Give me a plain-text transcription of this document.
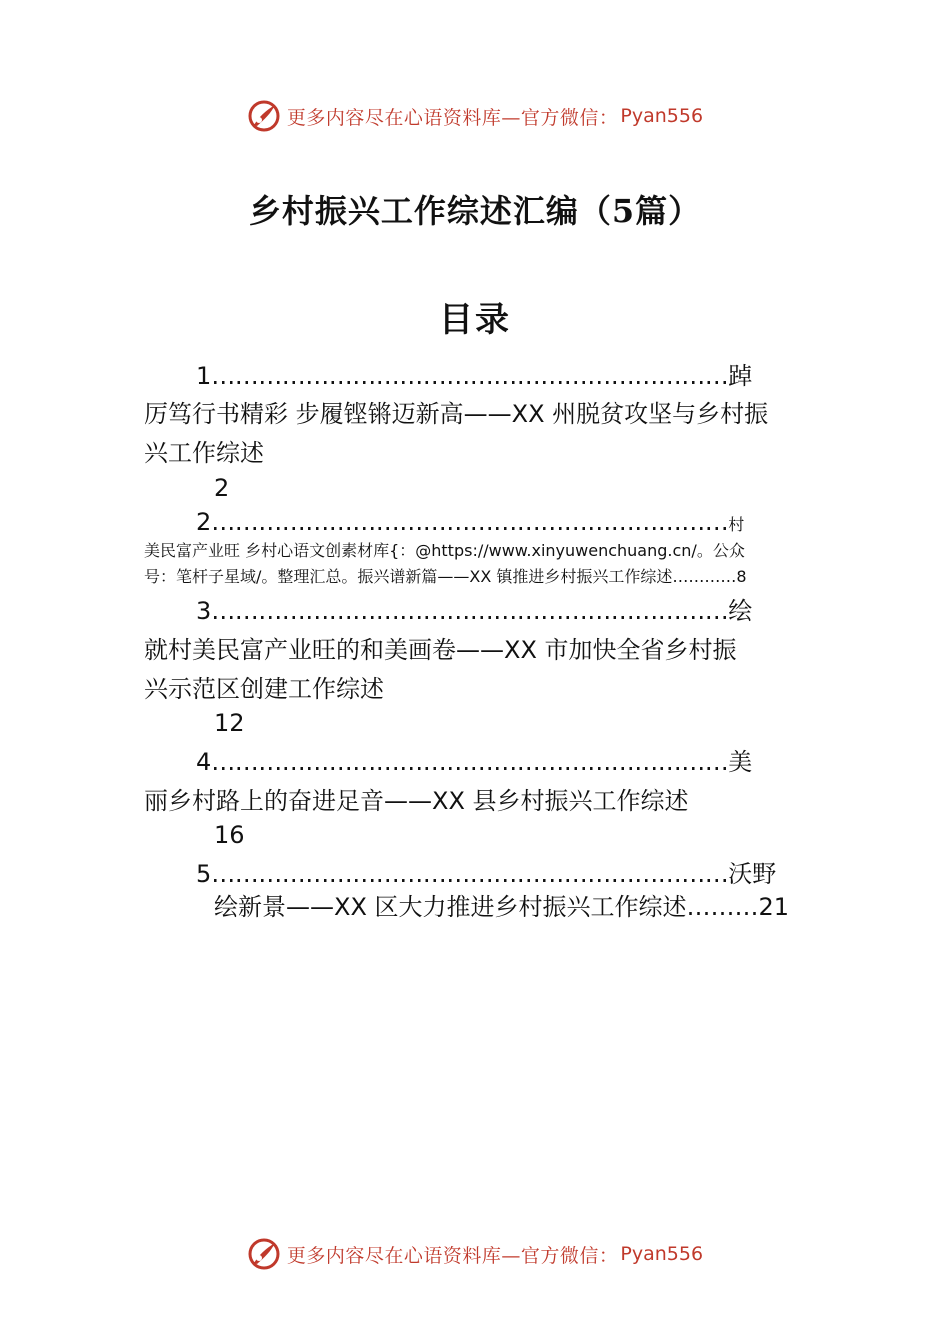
更多内容尽在心语资料库—官方微信： Pyan556
乡村振兴工作综述汇编（5篇）
目录
1…………………………………………………………踔
厉笃行书精彩 步履铿锵迈新高——XX 州脱贫攻坚与乡村振
兴工作综述
2
2…………………………………………………………村
美民富产业旺 乡村心语文创素材库{：@https://www.xinyuwenchuang.cn/。公众
号：笔杆子星域/。整理汇总。振兴谱新篇——XX 镇推进乡村振兴工作综述…………8
3…………………………………………………………绘
就村美民富产业旺的和美画卷——XX 市加快全省乡村振
兴示范区创建工作综述
12
4…………………………………………………………美
丽乡村路上的奋进足音——XX 县乡村振兴工作综述
16
5…………………………………………………………沃野
绘新景——XX 区大力推进乡村振兴工作综述………21
更多内容尽在心语资料库—官方微信： Pyan556
